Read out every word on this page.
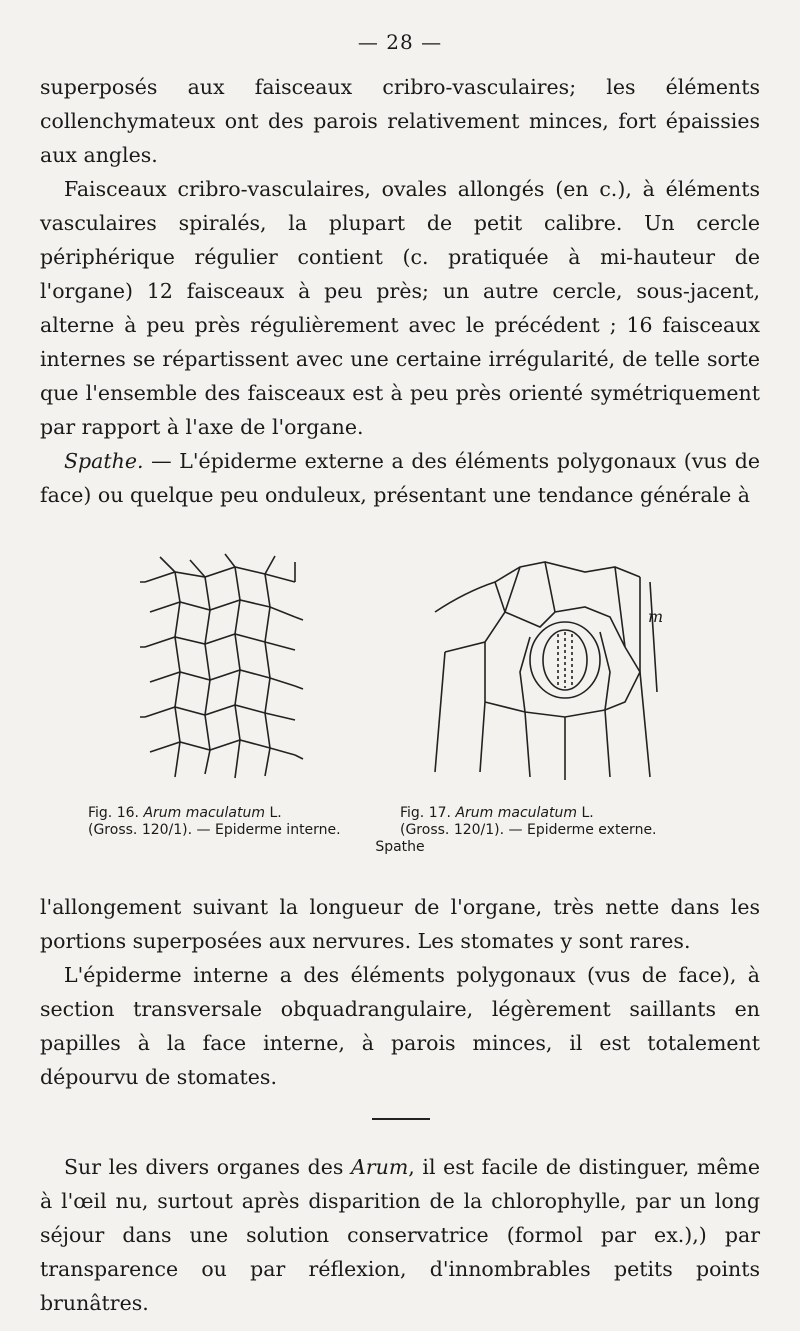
— 28 —

superposés aux faisceaux cribro-vasculaires; les éléments collenchymateux ont des parois relativement minces, fort épaissies aux angles.

Faisceaux cribro-vasculaires, ovales allongés (en c.), à éléments vasculaires spiralés, la plupart de petit calibre. Un cercle périphérique régulier contient (c. pratiquée à mi-hauteur de l'organe) 12 faisceaux à peu près; un autre cercle, sous-jacent, alterne à peu près régulièrement avec le précédent ; 16 faisceaux internes se répartissent avec une certaine irrégularité, de telle sorte que l'ensemble des faisceaux est à peu près orienté symétriquement par rapport à l'axe de l'organe.

Spathe. — L'épiderme externe a des éléments polygonaux (vus de face) ou quelque peu onduleux, présentant une tendance générale à

m
Fig. 16. Arum maculatum L.
(Gross. 120/1). — Epiderme interne.
Fig. 17. Arum maculatum L.
(Gross. 120/1). — Epiderme externe.
Spathe

l'allongement suivant la longueur de l'organe, très nette dans les portions superposées aux nervures. Les stomates y sont rares.

L'épiderme interne a des éléments polygonaux (vus de face), à section transversale obquadrangulaire, légèrement saillants en papilles à la face interne, à parois minces, il est totalement dépourvu de stomates.

Sur les divers organes des Arum, il est facile de distinguer, même à l'œil nu, surtout après disparition de la chlorophylle, par un long séjour dans une solution conservatrice (formol par ex.),) par transparence ou par réflexion, d'innombrables petits points brunâtres.
